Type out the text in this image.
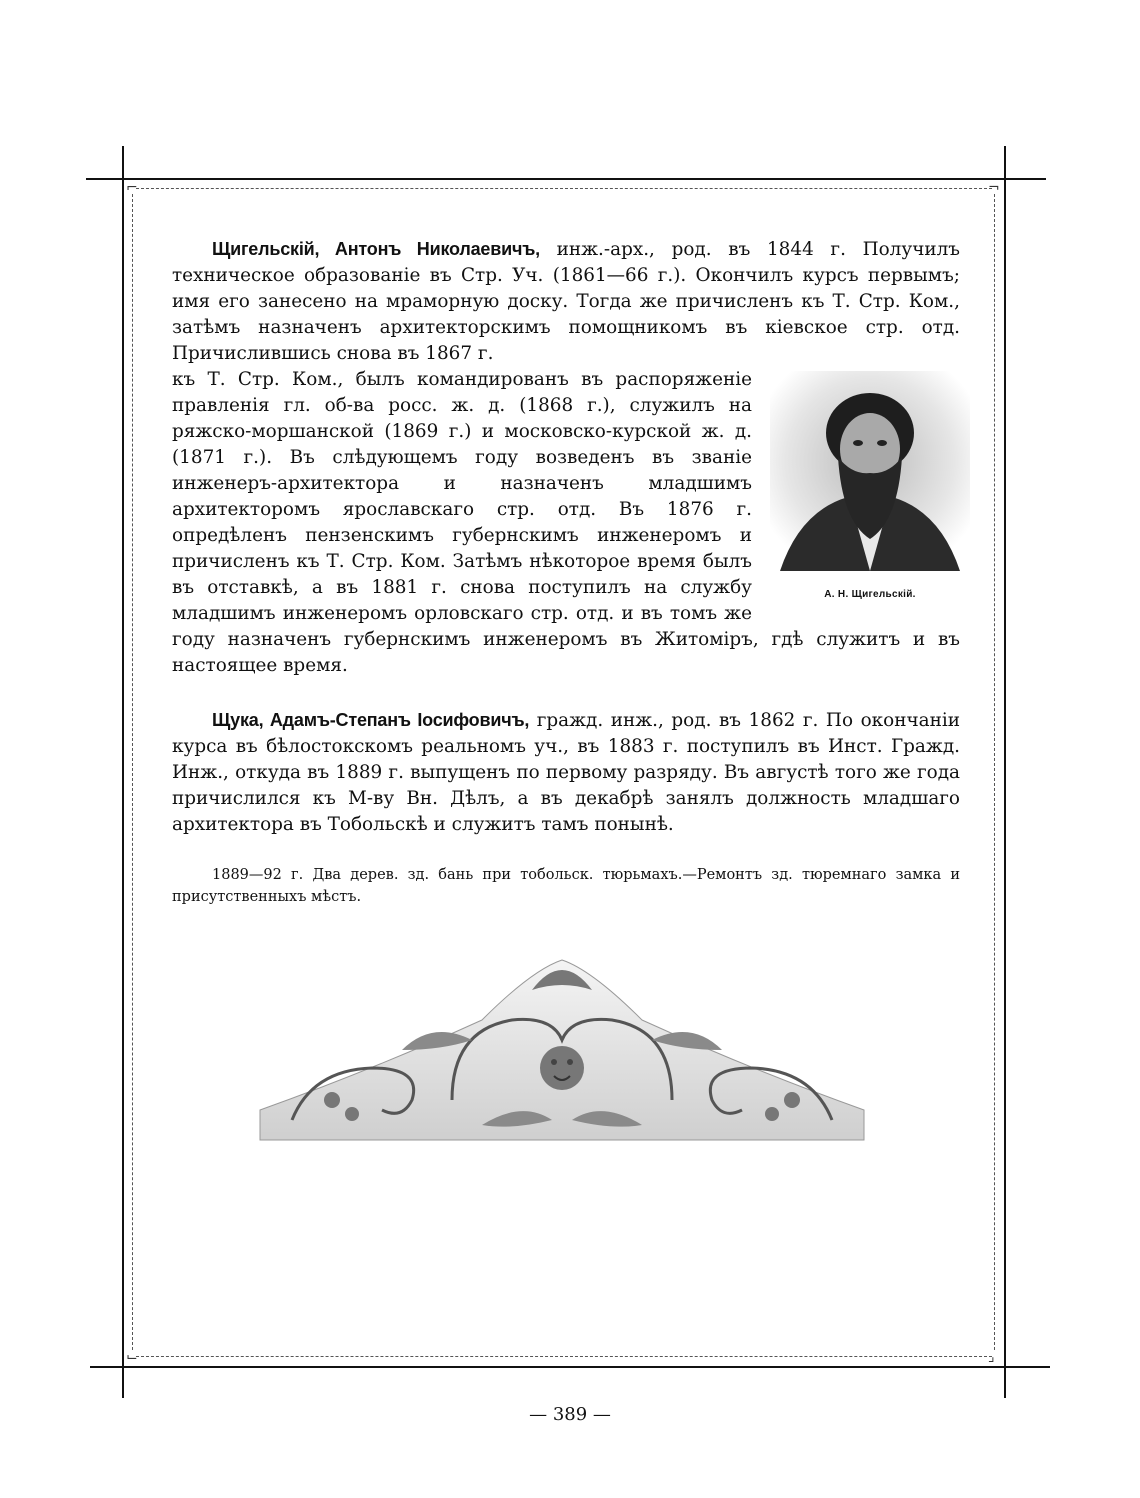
⌐	¬
⌙	⌟

Щигельскій, Антонъ Николаевичъ, инж.-арх., род. въ 1844 г. Получилъ техническое образованіе въ Стр. Уч. (1861—66 г.). Окончилъ курсъ первымъ; имя его занесено на мраморную доску. Тогда же причисленъ къ Т. Стр. Ком., затѣмъ назначенъ архитекторскимъ помощникомъ въ кіевское стр. отд. Причислившись снова въ 1867 г.

А. Н. Щигельскій.

къ Т. Стр. Ком., былъ командированъ въ распоряженіе правленія гл. об-ва росс. ж. д. (1868 г.), служилъ на ряжско-моршанской (1869 г.) и московско-курской ж. д. (1871 г.). Въ слѣдующемъ году возведенъ въ званіе инженеръ-архитектора и назначенъ младшимъ архитекторомъ ярославскаго стр. отд. Въ 1876 г. опредѣленъ пензенскимъ губернскимъ инженеромъ и причисленъ къ Т. Стр. Ком. Затѣмъ нѣкоторое время былъ въ отставкѣ, а въ 1881 г. снова поступилъ на службу младшимъ инженеромъ орловскаго стр. отд. и въ томъ же году назначенъ губернскимъ инженеромъ въ Житоміръ, гдѣ служитъ и въ настоящее время.

Щука, Адамъ-Степанъ Іосифовичъ, гражд. инж., род. въ 1862 г. По окончаніи курса въ бѣлостокскомъ реальномъ уч., въ 1883 г. поступилъ въ Инст. Гражд. Инж., откуда въ 1889 г. выпущенъ по первому разряду. Въ августѣ того же года причислился къ М-ву Вн. Дѣлъ, а въ декабрѣ занялъ должность младшаго архитектора въ Тобольскѣ и служитъ тамъ понынѣ.

1889—92 г. Два дерев. зд. бань при тобольск. тюрьмахъ.—Ремонтъ зд. тюремнаго замка и присутственныхъ мѣстъ.

— 389 —
